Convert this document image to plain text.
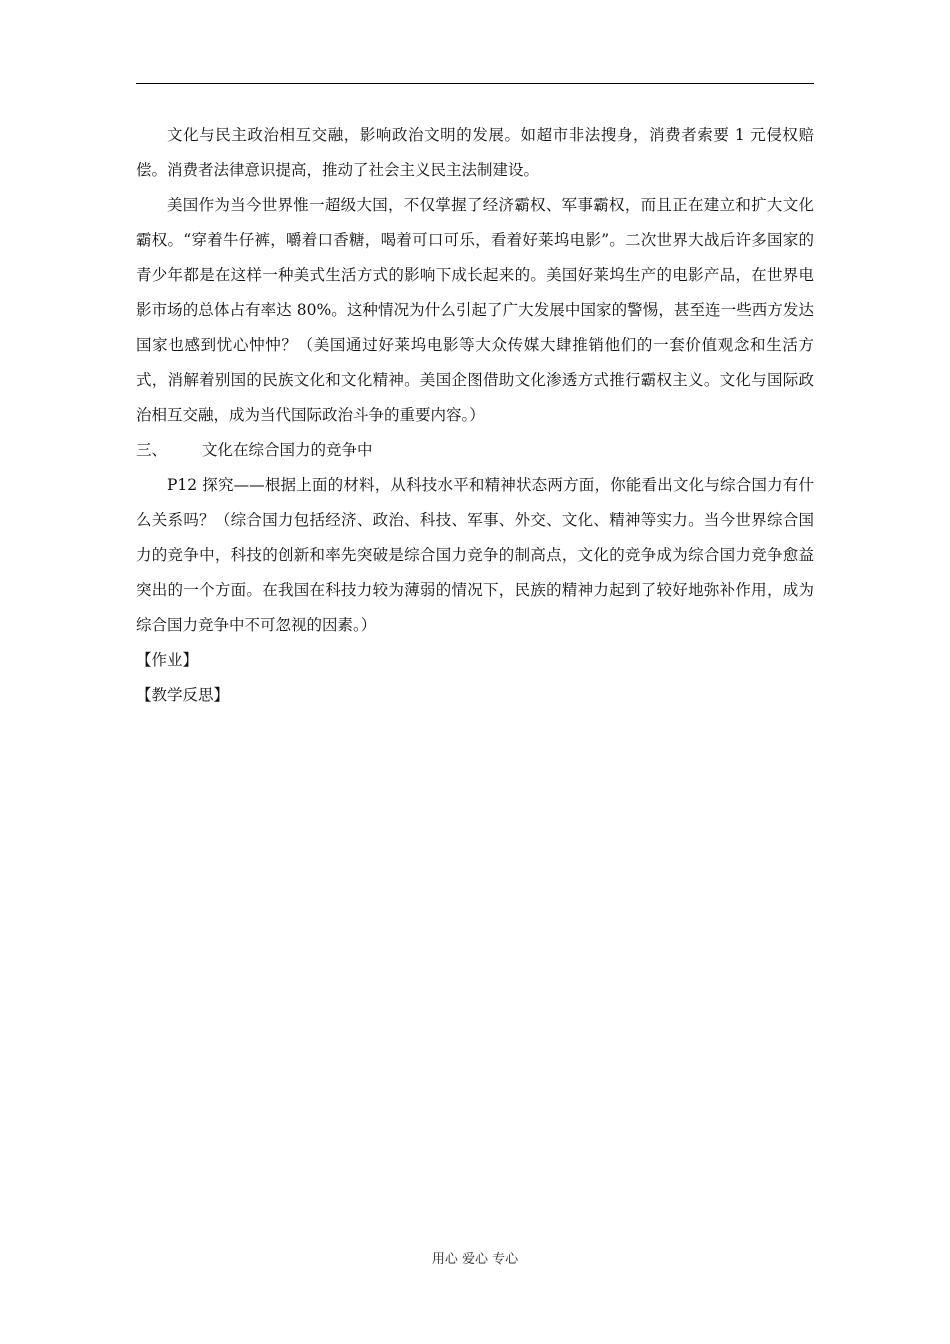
文化与民主政治相互交融，影响政治文明的发展。如超市非法搜身，消费者索要 1 元侵权赔偿。消费者法律意识提高，推动了社会主义民主法制建设。

美国作为当今世界惟一超级大国，不仅掌握了经济霸权、军事霸权，而且正在建立和扩大文化霸权。“穿着牛仔裤，嚼着口香糖，喝着可口可乐，看着好莱坞电影”。二次世界大战后许多国家的青少年都是在这样一种美式生活方式的影响下成长起来的。美国好莱坞生产的电影产品，在世界电影市场的总体占有率达 80%。这种情况为什么引起了广大发展中国家的警惕，甚至连一些西方发达国家也感到忧心忡忡？（美国通过好莱坞电影等大众传媒大肆推销他们的一套价值观念和生活方式，消解着别国的民族文化和文化精神。美国企图借助文化渗透方式推行霸权主义。文化与国际政治相互交融，成为当代国际政治斗争的重要内容。）

三、 文化在综合国力的竞争中

P12 探究——根据上面的材料，从科技水平和精神状态两方面，你能看出文化与综合国力有什么关系吗？（综合国力包括经济、政治、科技、军事、外交、文化、精神等实力。当今世界综合国力的竞争中，科技的创新和率先突破是综合国力竞争的制高点，文化的竞争成为综合国力竞争愈益突出的一个方面。在我国在科技力较为薄弱的情况下，民族的精神力起到了较好地弥补作用，成为综合国力竞争中不可忽视的因素。）

【作业】

【教学反思】

用心 爱心 专心
